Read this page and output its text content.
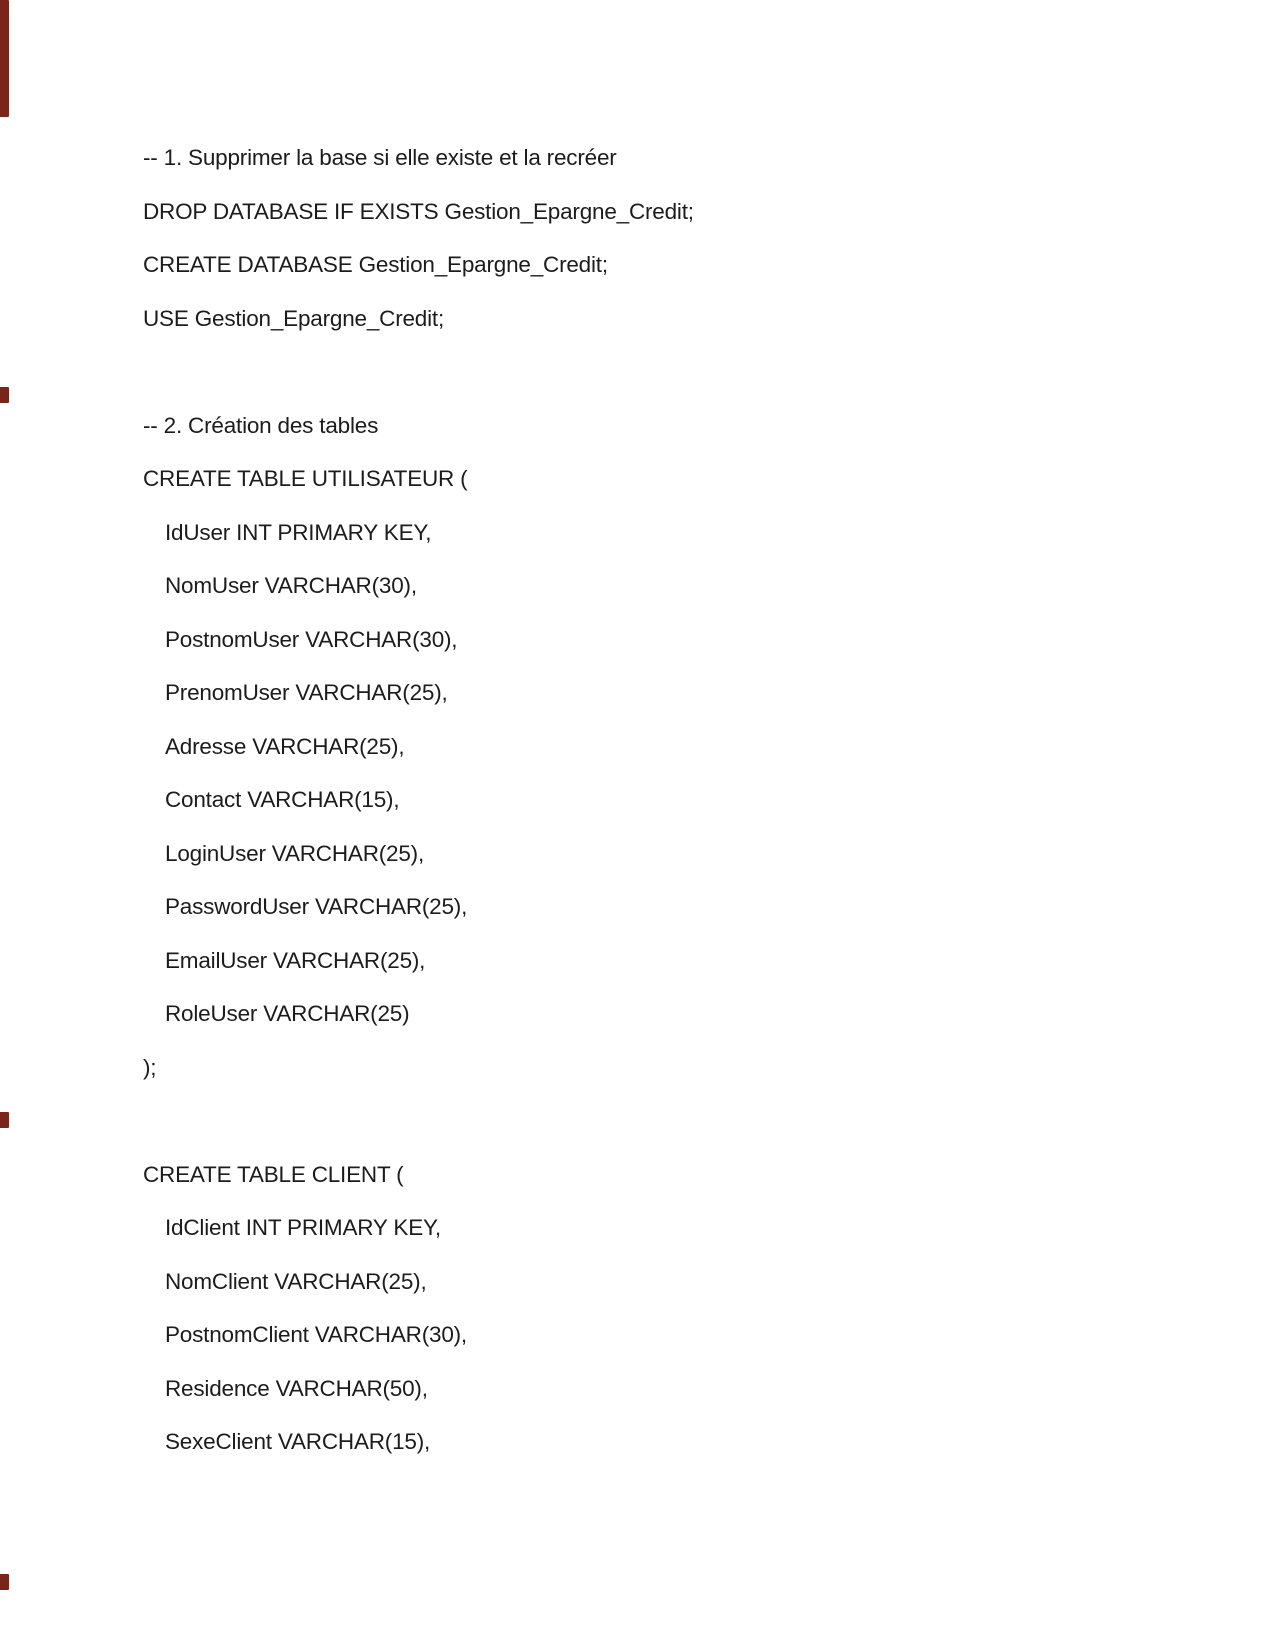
-- 1. Supprimer la base si elle existe et la recréer
DROP DATABASE IF EXISTS Gestion_Epargne_Credit;
CREATE DATABASE Gestion_Epargne_Credit;
USE Gestion_Epargne_Credit;
-- 2. Création des tables
CREATE TABLE UTILISATEUR (
IdUser INT PRIMARY KEY,
NomUser VARCHAR(30),
PostnomUser VARCHAR(30),
PrenomUser VARCHAR(25),
Adresse VARCHAR(25),
Contact VARCHAR(15),
LoginUser VARCHAR(25),
PasswordUser VARCHAR(25),
EmailUser VARCHAR(25),
RoleUser VARCHAR(25)
);
CREATE TABLE CLIENT (
IdClient INT PRIMARY KEY,
NomClient VARCHAR(25),
PostnomClient VARCHAR(30),
Residence VARCHAR(50),
SexeClient VARCHAR(15),
